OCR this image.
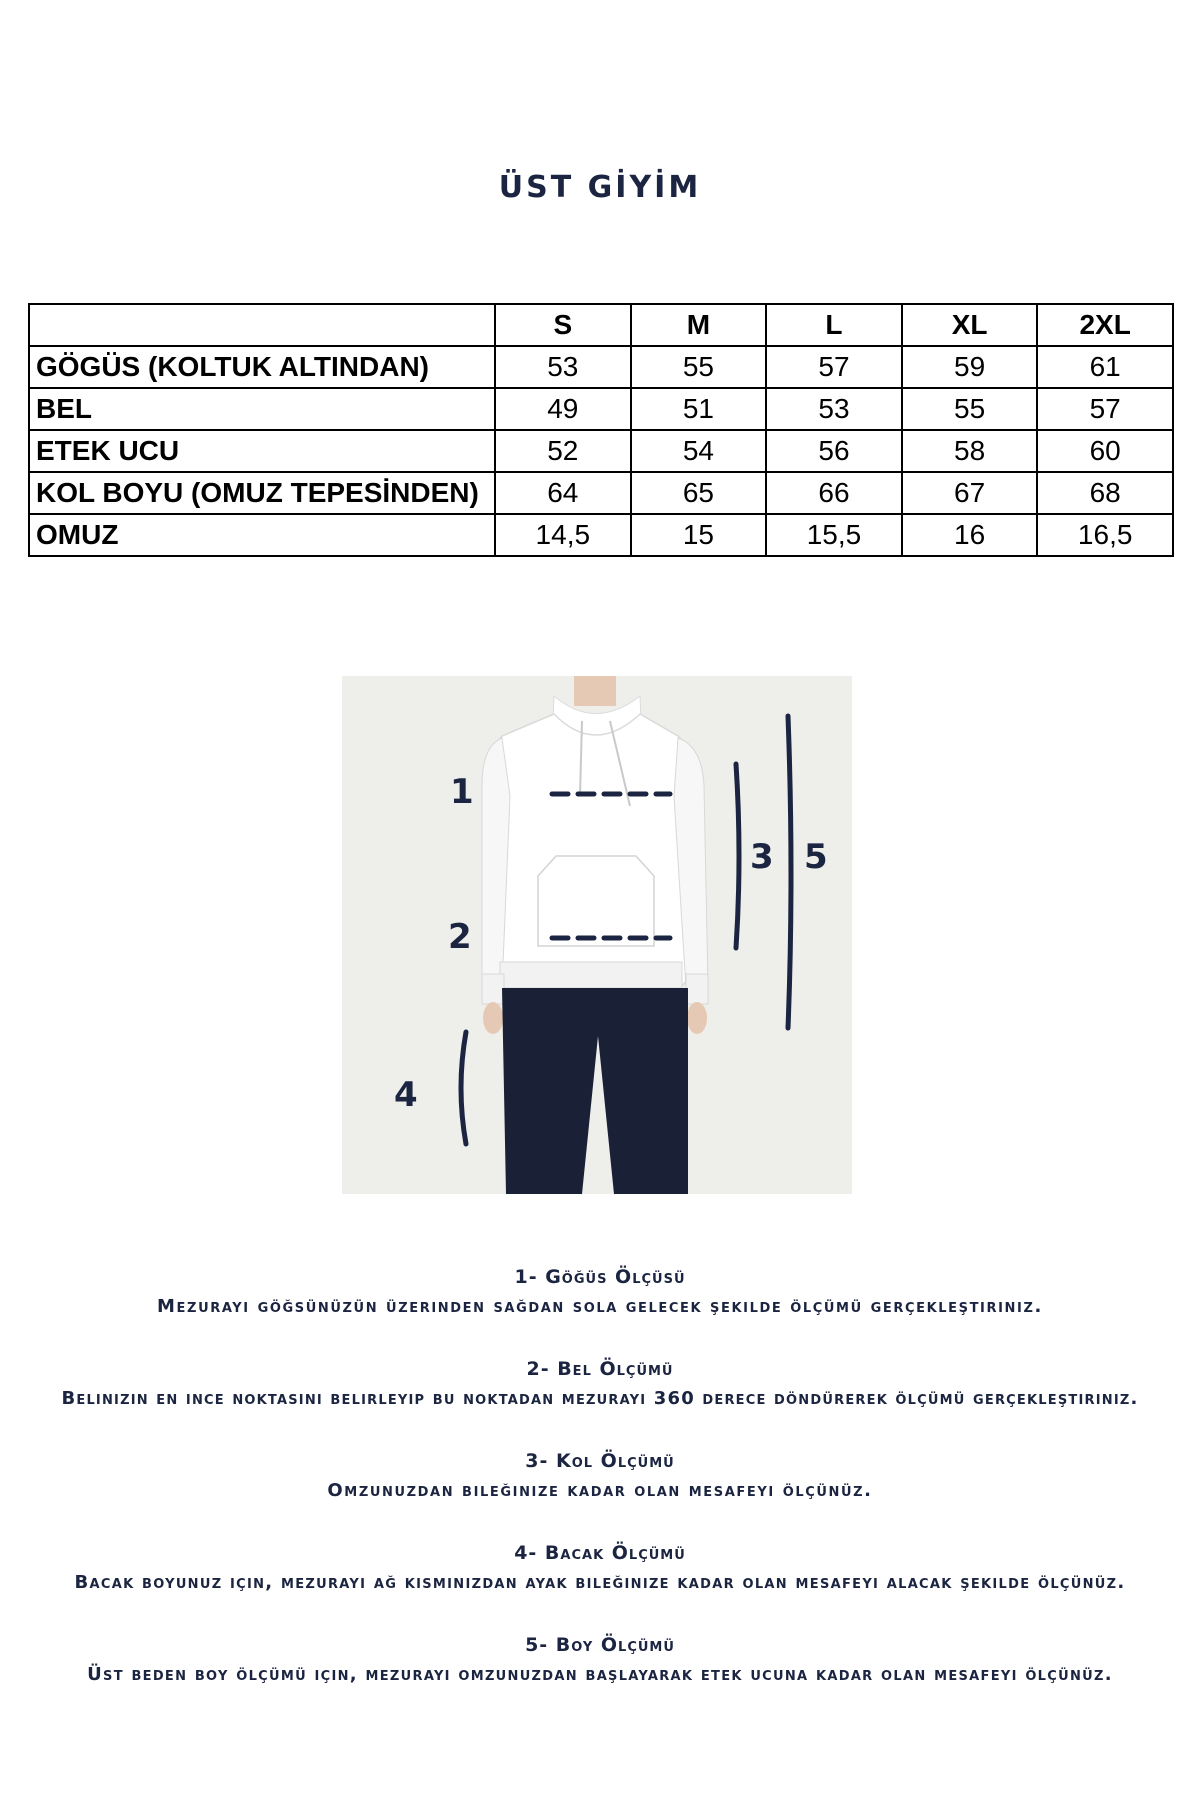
ÜST GİYİM
	S	M	L	XL	2XL
GÖGÜS (KOLTUK ALTINDAN)	53	55	57	59	61
BEL	49	51	53	55	57
ETEK UCU	52	54	56	58	60
KOL BOYU (OMUZ TEPESİNDEN)	64	65	66	67	68
OMUZ	14,5	15	15,5	16	16,5
1
2
3
4
5
1- Göğüs Ölçüsü
Mezurayı göğsünüzün üzerinden sağdan sola gelecek şekilde ölçümü gerçekleştiriniz.
2- Bel Ölçümü
Belinizin en ince noktasını belirleyip bu noktadan mezurayı 360 derece döndürerek ölçümü gerçekleştiriniz.
3- Kol Ölçümü
Omzunuzdan bileğinize kadar olan mesafeyi ölçünüz.
4- Bacak Ölçümü
Bacak boyunuz için, mezurayı ağ kısmınızdan ayak bileğinize kadar olan mesafeyi alacak şekilde ölçünüz.
5- Boy Ölçümü
Üst beden boy ölçümü için, mezurayı omzunuzdan başlayarak etek ucuna kadar olan mesafeyi ölçünüz.
